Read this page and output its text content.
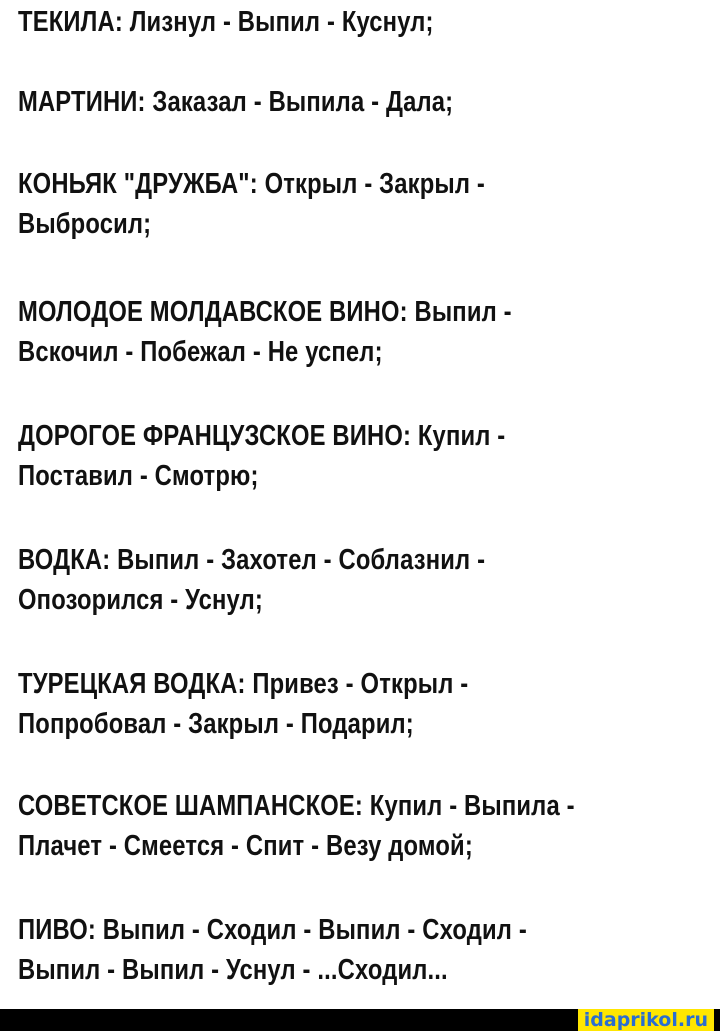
ТЕКИЛА: Лизнул - Выпил - Куснул;
МАРТИНИ: Заказал - Выпила - Дала;
КОНЬЯК "ДРУЖБА": Открыл - Закрыл -
Выбросил;
МОЛОДОЕ МОЛДАВСКОЕ ВИНО: Выпил -
Вскочил - Побежал - Не успел;
ДОРОГОЕ ФРАНЦУЗСКОЕ ВИНО: Купил -
Поставил - Смотрю;
ВОДКА: Выпил - Захотел - Соблазнил -
Опозорился - Уснул;
ТУРЕЦКАЯ ВОДКА: Привез - Открыл -
Попробовал - Закрыл - Подарил;
СОВЕТСКОЕ ШАМПАНСКОЕ: Купил - Выпила -
Плачет - Смеется - Спит - Везу домой;
ПИВО: Выпил - Сходил - Выпил - Сходил -
Выпил - Выпил - Уснул - ...Сходил...
idaprikol.ru
